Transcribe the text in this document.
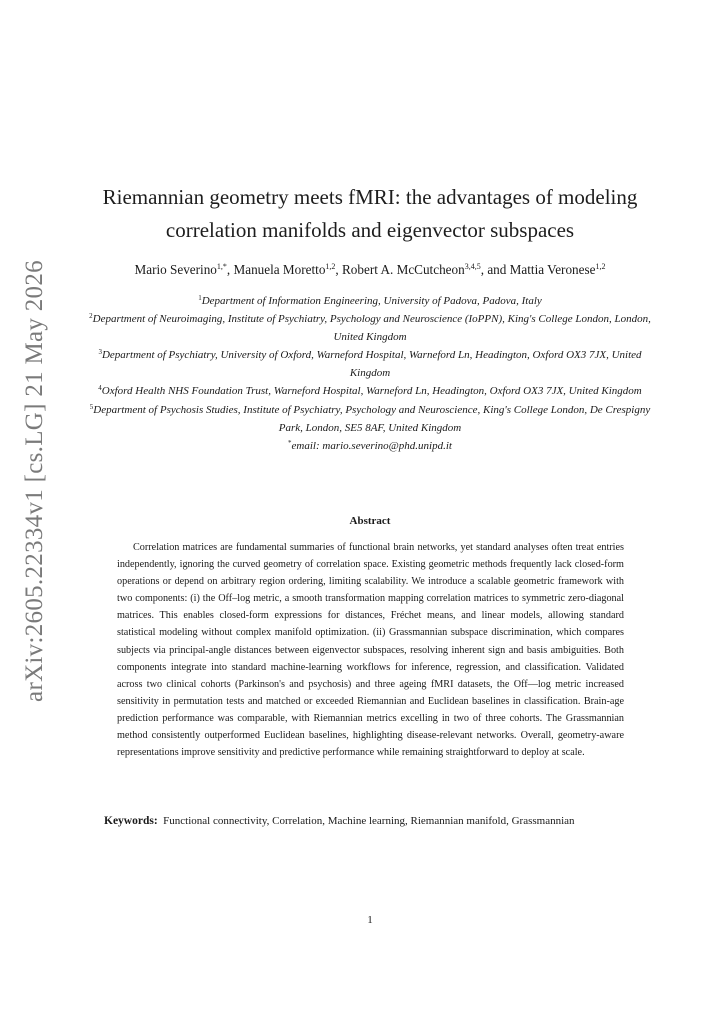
arXiv:2605.22334v1 [cs.LG] 21 May 2026
Riemannian geometry meets fMRI: the advantages of modeling correlation manifolds and eigenvector subspaces
Mario Severino$^{1,*}$, Manuela Moretto$^{1,2}$, Robert A. McCutcheon$^{3,4,5}$, and Mattia Veronese$^{1,2}$

$^1$Department of Information Engineering, University of Padova, Padova, Italy

$^2$Department of Neuroimaging, Institute of Psychiatry, Psychology and Neuroscience (IoPPN), King's College London, London, United Kingdom

$^3$Department of Psychiatry, University of Oxford, Warneford Hospital, Warneford Ln, Headington, Oxford OX3 7JX, United Kingdom

$^4$Oxford Health NHS Foundation Trust, Warneford Hospital, Warneford Ln, Headington, Oxford OX3 7JX, United Kingdom

$^5$Department of Psychosis Studies, Institute of Psychiatry, Psychology and Neuroscience, King's College London, De Crespigny Park, London, SE5 8AF, United Kingdom

*email: mario.severino@phd.unipd.it

Abstract

Correlation matrices are fundamental summaries of functional brain networks, yet standard analyses often treat entries independently, ignoring the curved geometry of correlation space. Existing geometric methods frequently lack closed-form operations or depend on arbitrary region ordering, limiting scalability. We introduce a scalable geometric framework with two components: (i) the Off–log metric, a smooth transformation mapping correlation matrices to symmetric zero-diagonal matrices. This enables closed-form expressions for distances, Fréchet means, and linear models, allowing standard statistical modeling without complex manifold optimization. (ii) Grassmannian subspace discrimination, which compares subjects via principal-angle distances between eigenvector subspaces, resolving inherent sign and basis ambiguities. Both components integrate into standard machine-learning workflows for inference, regression, and classification. Validated across two clinical cohorts (Parkinson's and psychosis) and three ageing fMRI datasets, the Off—log metric increased sensitivity in permutation tests and matched or exceeded Riemannian and Euclidean baselines in classification. Brain-age prediction performance was comparable, with Riemannian metrics excelling in two of three cohorts. The Grassmannian method consistently outperformed Euclidean baselines, highlighting disease-relevant networks. Overall, geometry-aware representations improve sensitivity and predictive performance while remaining straightforward to deploy at scale.

Keywords: Functional connectivity, Correlation, Machine learning, Riemannian manifold, Grassmannian

1
